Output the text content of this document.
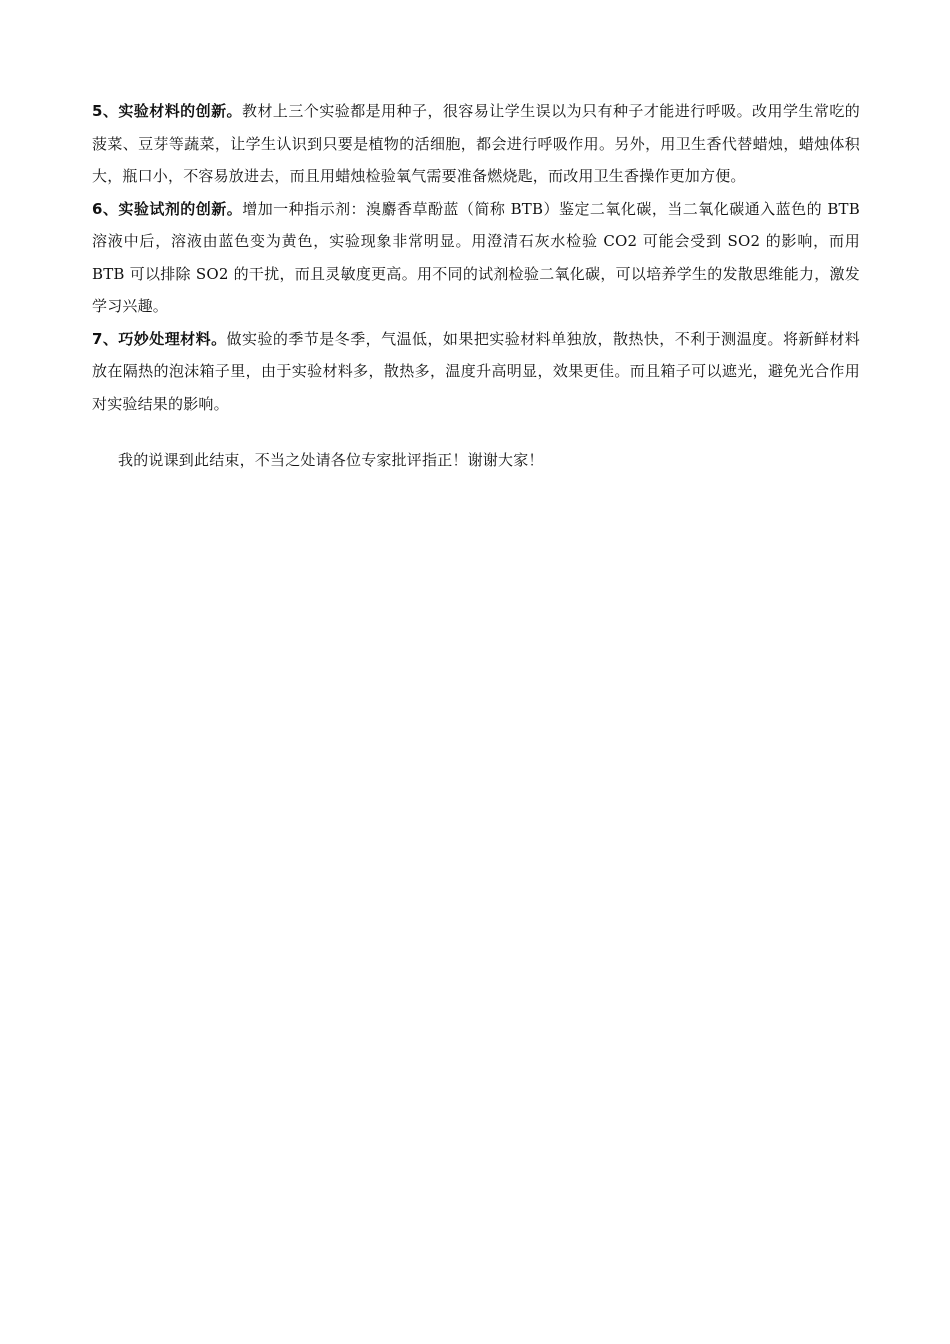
5、实验材料的创新。教材上三个实验都是用种子，很容易让学生误以为只有种子才能进行呼吸。改用学生常吃的菠菜、豆芽等蔬菜，让学生认识到只要是植物的活细胞，都会进行呼吸作用。另外，用卫生香代替蜡烛，蜡烛体积大，瓶口小，不容易放进去，而且用蜡烛检验氧气需要准备燃烧匙，而改用卫生香操作更加方便。

6、实验试剂的创新。增加一种指示剂：溴麝香草酚蓝（简称 BTB）鉴定二氧化碳，当二氧化碳通入蓝色的 BTB 溶液中后，溶液由蓝色变为黄色，实验现象非常明显。用澄清石灰水检验 CO2 可能会受到 SO2 的影响，而用 BTB 可以排除 SO2 的干扰，而且灵敏度更高。用不同的试剂检验二氧化碳，可以培养学生的发散思维能力，激发学习兴趣。

7、巧妙处理材料。做实验的季节是冬季，气温低，如果把实验材料单独放，散热快，不利于测温度。将新鲜材料放在隔热的泡沫箱子里，由于实验材料多，散热多，温度升高明显，效果更佳。而且箱子可以遮光，避免光合作用对实验结果的影响。

我的说课到此结束，不当之处请各位专家批评指正！谢谢大家！
